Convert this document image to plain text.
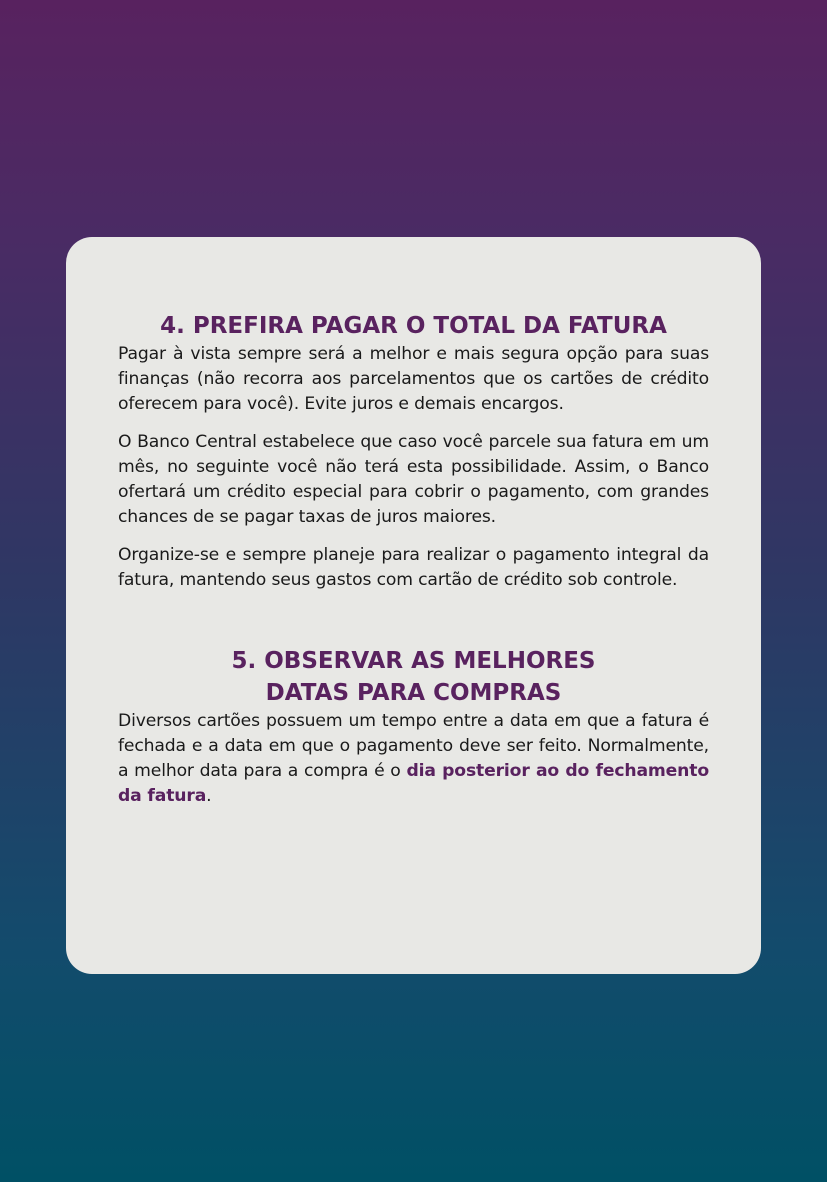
4. PREFIRA PAGAR O TOTAL DA FATURA

Pagar à vista sempre será a melhor e mais segura opção para suas finanças (não recorra aos parcelamentos que os cartões de crédito oferecem para você). Evite juros e demais encargos.

O Banco Central estabelece que caso você parcele sua fatura em um mês, no seguinte você não terá esta possibilidade. Assim, o Banco ofertará um crédito especial para cobrir o pagamento, com grandes chances de se pagar taxas de juros maiores.

Organize-se e sempre planeje para realizar o pagamento integral da fatura, mantendo seus gastos com cartão de crédito sob controle.

5. OBSERVAR AS MELHORES
DATAS PARA COMPRAS

Diversos cartões possuem um tempo entre a data em que a fatura é fechada e a data em que o pagamento deve ser feito. Normalmente, a melhor data para a compra é o dia posterior ao do fechamento da fatura.
